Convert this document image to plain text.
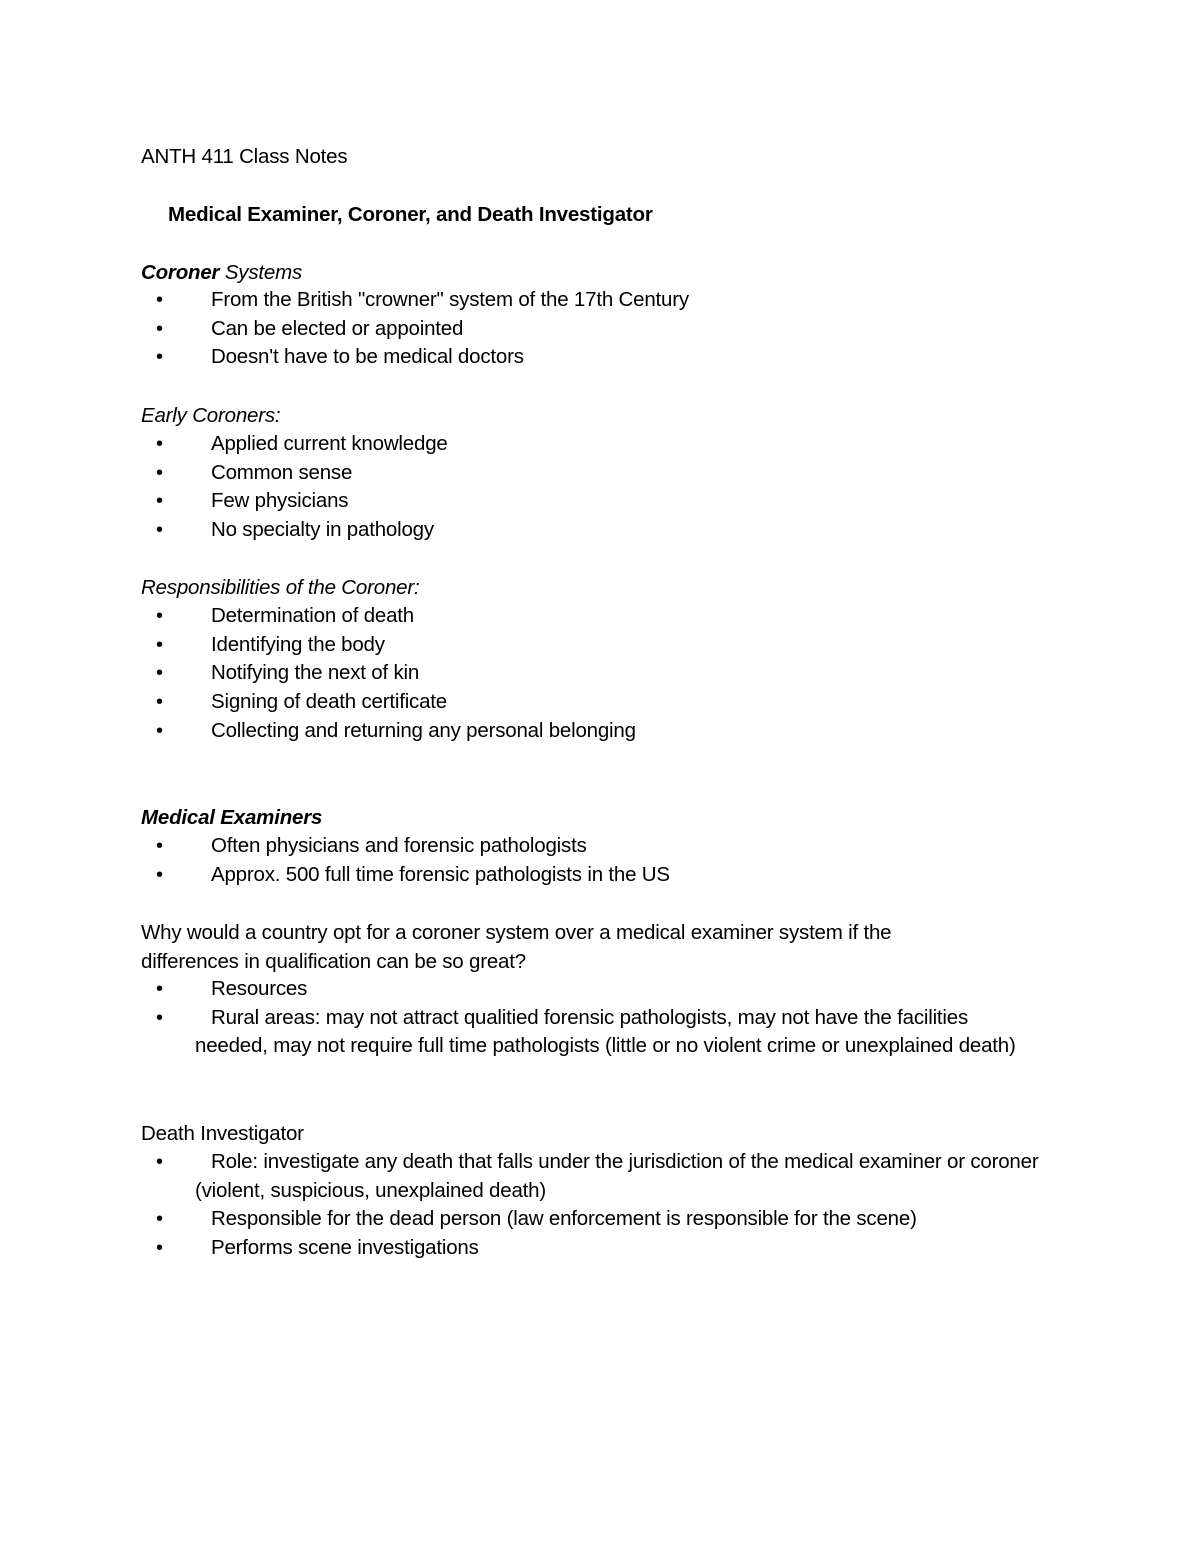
ANTH 411 Class Notes
Medical Examiner, Coroner, and Death Investigator
Coroner Systems
• From the British "crowner" system of the 17th Century
• Can be elected or appointed
• Doesn't have to be medical doctors
Early Coroners:
• Applied current knowledge
• Common sense
• Few physicians
• No specialty in pathology
Responsibilities of the Coroner:
• Determination of death
• Identifying the body
• Notifying the next of kin
• Signing of death certificate
• Collecting and returning any personal belonging
Medical Examiners
• Often physicians and forensic pathologists
• Approx. 500 full time forensic pathologists in the US
Why would a country opt for a coroner system over a medical examiner system if the
differences in qualification can be so great?
• Resources
• Rural areas: may not attract qualitied forensic pathologists, may not have the facilities needed, may not require full time pathologists (little or no violent crime or unexplained death)
Death Investigator
• Role: investigate any death that falls under the jurisdiction of the medical examiner or coroner (violent, suspicious, unexplained death)
• Responsible for the dead person (law enforcement is responsible for the scene)
• Performs scene investigations
